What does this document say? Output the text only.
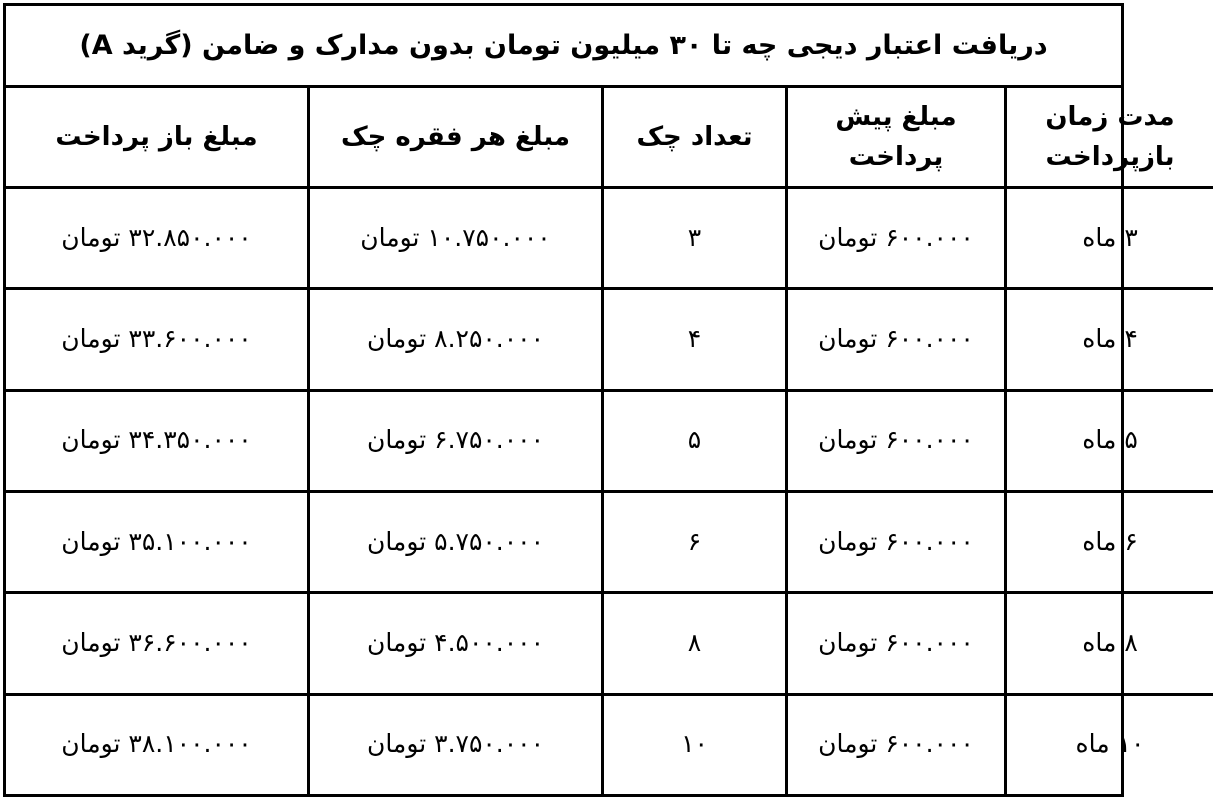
دریافت اعتبار دیجی چه تا ۳۰ میلیون تومان بدون مدارک و ضامن (گرید A)
مدت زمان بازپرداخت	مبلغ پیش پرداخت	تعداد چک	مبلغ هر فقره چک	مبلغ باز پرداخت
۳ ماه	۶۰۰.۰۰۰ تومان	۳	۱۰.۷۵۰.۰۰۰ تومان	۳۲.۸۵۰.۰۰۰ تومان
۴ ماه	۶۰۰.۰۰۰ تومان	۴	۸.۲۵۰.۰۰۰ تومان	۳۳.۶۰۰.۰۰۰ تومان
۵ ماه	۶۰۰.۰۰۰ تومان	۵	۶.۷۵۰.۰۰۰ تومان	۳۴.۳۵۰.۰۰۰ تومان
۶ ماه	۶۰۰.۰۰۰ تومان	۶	۵.۷۵۰.۰۰۰ تومان	۳۵.۱۰۰.۰۰۰ تومان
۸ ماه	۶۰۰.۰۰۰ تومان	۸	۴.۵۰۰.۰۰۰ تومان	۳۶.۶۰۰.۰۰۰ تومان
۱۰ ماه	۶۰۰.۰۰۰ تومان	۱۰	۳.۷۵۰.۰۰۰ تومان	۳۸.۱۰۰.۰۰۰ تومان
